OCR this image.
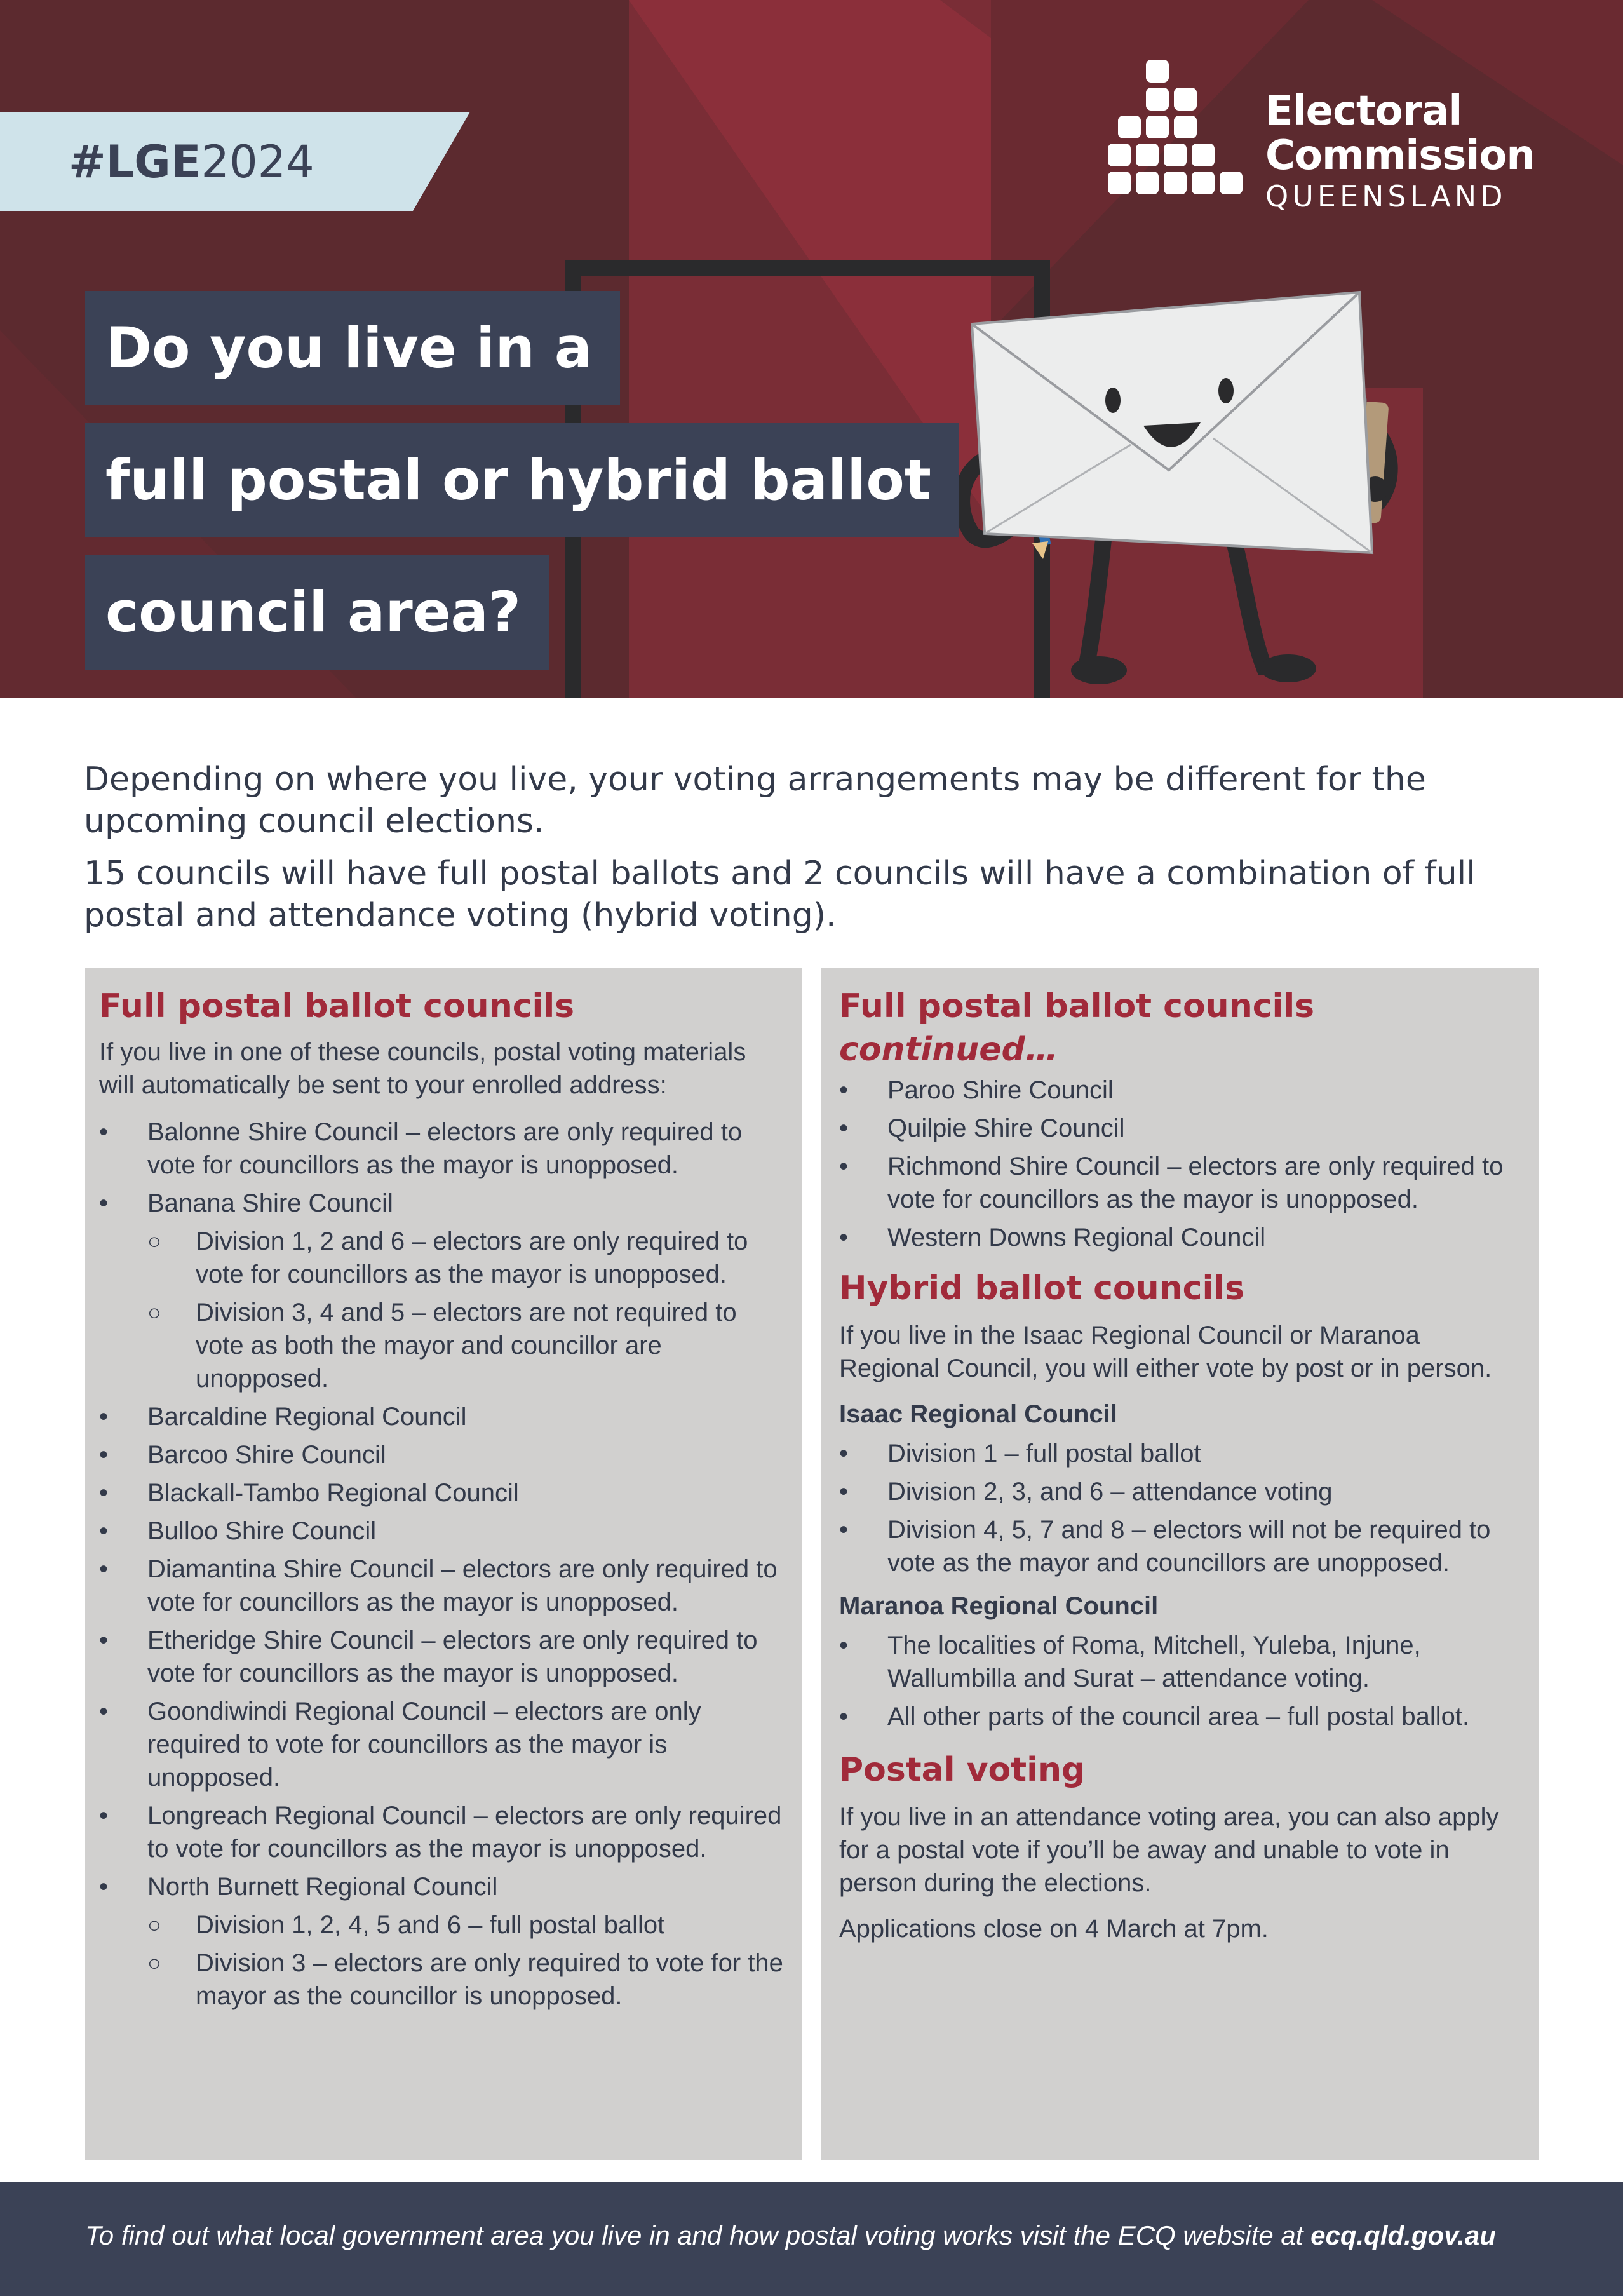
#LGE2024
Electoral
Commission
QUEENSLAND
Do you live in a
full postal or hybrid ballot
council area?
Depending on where you live, your voting arrangements may be different for the upcoming council elections.
15 councils will have full postal ballots and 2 councils will have a combination of full postal and attendance voting (hybrid voting).
Full postal ballot councils

If you live in one of these councils, postal voting materials will automatically be sent to your enrolled address:

• Balonne Shire Council – electors are only required to vote for councillors as the mayor is unopposed.
• Banana Shire Council
○ Division 1, 2 and 6 – electors are only required to vote for councillors as the mayor is unopposed.
○ Division 3, 4 and 5 – electors are not required to vote as both the mayor and councillor are unopposed.
• Barcaldine Regional Council
• Barcoo Shire Council
• Blackall-Tambo Regional Council
• Bulloo Shire Council
• Diamantina Shire Council – electors are only required to vote for councillors as the mayor is unopposed.
• Etheridge Shire Council – electors are only required to vote for councillors as the mayor is unopposed.
• Goondiwindi Regional Council – electors are only required to vote for councillors as the mayor is unopposed.
• Longreach Regional Council – electors are only required to vote for councillors as the mayor is unopposed.
• North Burnett Regional Council
○ Division 1, 2, 4, 5 and 6 – full postal ballot
○ Division 3 – electors are only required to vote for the mayor as the councillor is unopposed.
Full postal ballot councils continued…
• Paroo Shire Council
• Quilpie Shire Council
• Richmond Shire Council – electors are only required to vote for councillors as the mayor is unopposed.
• Western Downs Regional Council
Hybrid ballot councils

If you live in the Isaac Regional Council or Maranoa Regional Council, you will either vote by post or in person.

Isaac Regional Council
• Division 1 – full postal ballot
• Division 2, 3, and 6 – attendance voting
• Division 4, 5, 7 and 8 – electors will not be required to vote as the mayor and councillors are unopposed.
Maranoa Regional Council
• The localities of Roma, Mitchell, Yuleba, Injune, Wallumbilla and Surat – attendance voting.
• All other parts of the council area – full postal ballot.
Postal voting

If you live in an attendance voting area, you can also apply for a postal vote if you’ll be away and unable to vote in person during the elections.

Applications close on 4 March at 7pm.

To find out what local government area you live in and how postal voting works visit the ECQ website at ecq.qld.gov.au
